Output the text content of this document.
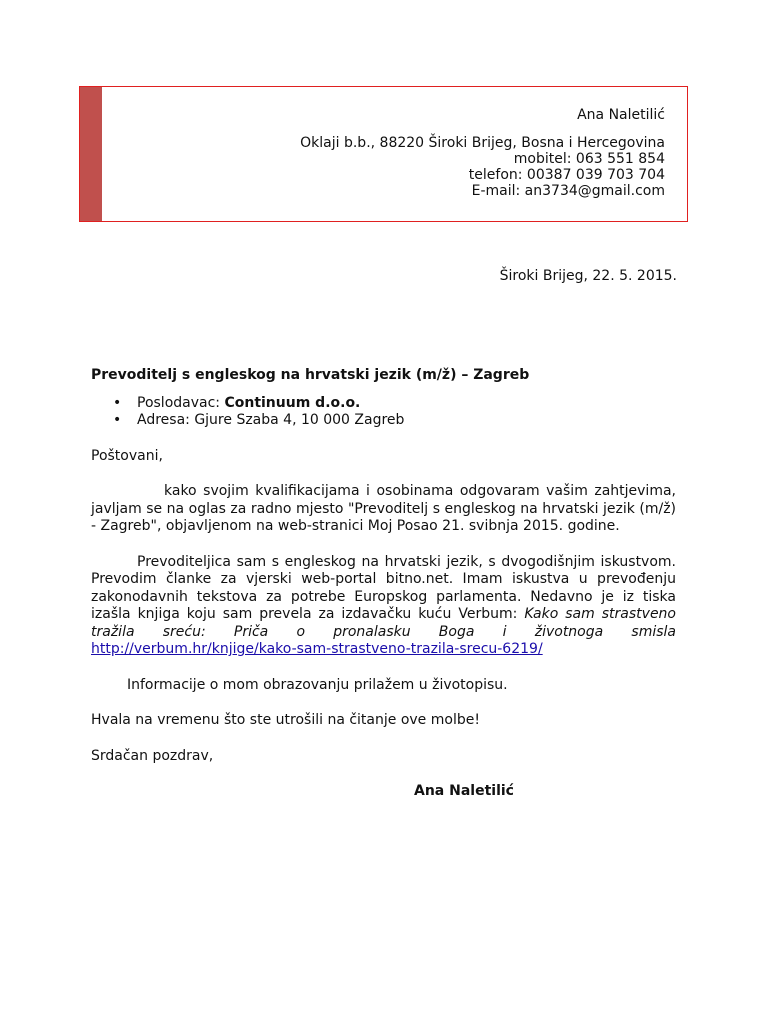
Ana Naletilić
Oklaji b.b., 88220 Široki Brijeg, Bosna i Hercegovina
mobitel: 063 551 854
telefon: 00387 039 703 704
E-mail: an3734@gmail.com
Široki Brijeg, 22. 5. 2015.
Prevoditelj s engleskog na hrvatski jezik (m/ž) – Zagreb
• Poslodavac: Continuum d.o.o.
• Adresa: Gjure Szaba 4, 10 000 Zagreb

Poštovani,

kako svojim kvalifikacijama i osobinama odgovaram vašim zahtjevima, javljam se na oglas za radno mjesto "Prevoditelj s engleskog na hrvatski jezik (m/ž) - Zagreb", objavljenom na web-stranici Moj Posao 21. svibnja 2015. godine.

Prevoditeljica sam s engleskog na hrvatski jezik, s dvogodišnjim iskustvom. Prevodim članke za vjerski web-portal bitno.net. Imam iskustva u prevođenju zakonodavnih tekstova za potrebe Europskog parlamenta. Nedavno je iz tiska izašla knjiga koju sam prevela za izdavačku kuću Verbum: Kako sam strastveno tražila sreću: Priča o pronalasku Boga i životnoga smisla http://verbum.hr/knjige/kako-sam-strastveno-trazila-srecu-6219/

Informacije o mom obrazovanju prilažem u životopisu.

Hvala na vremenu što ste utrošili na čitanje ove molbe!

Srdačan pozdrav,

Ana Naletilić
